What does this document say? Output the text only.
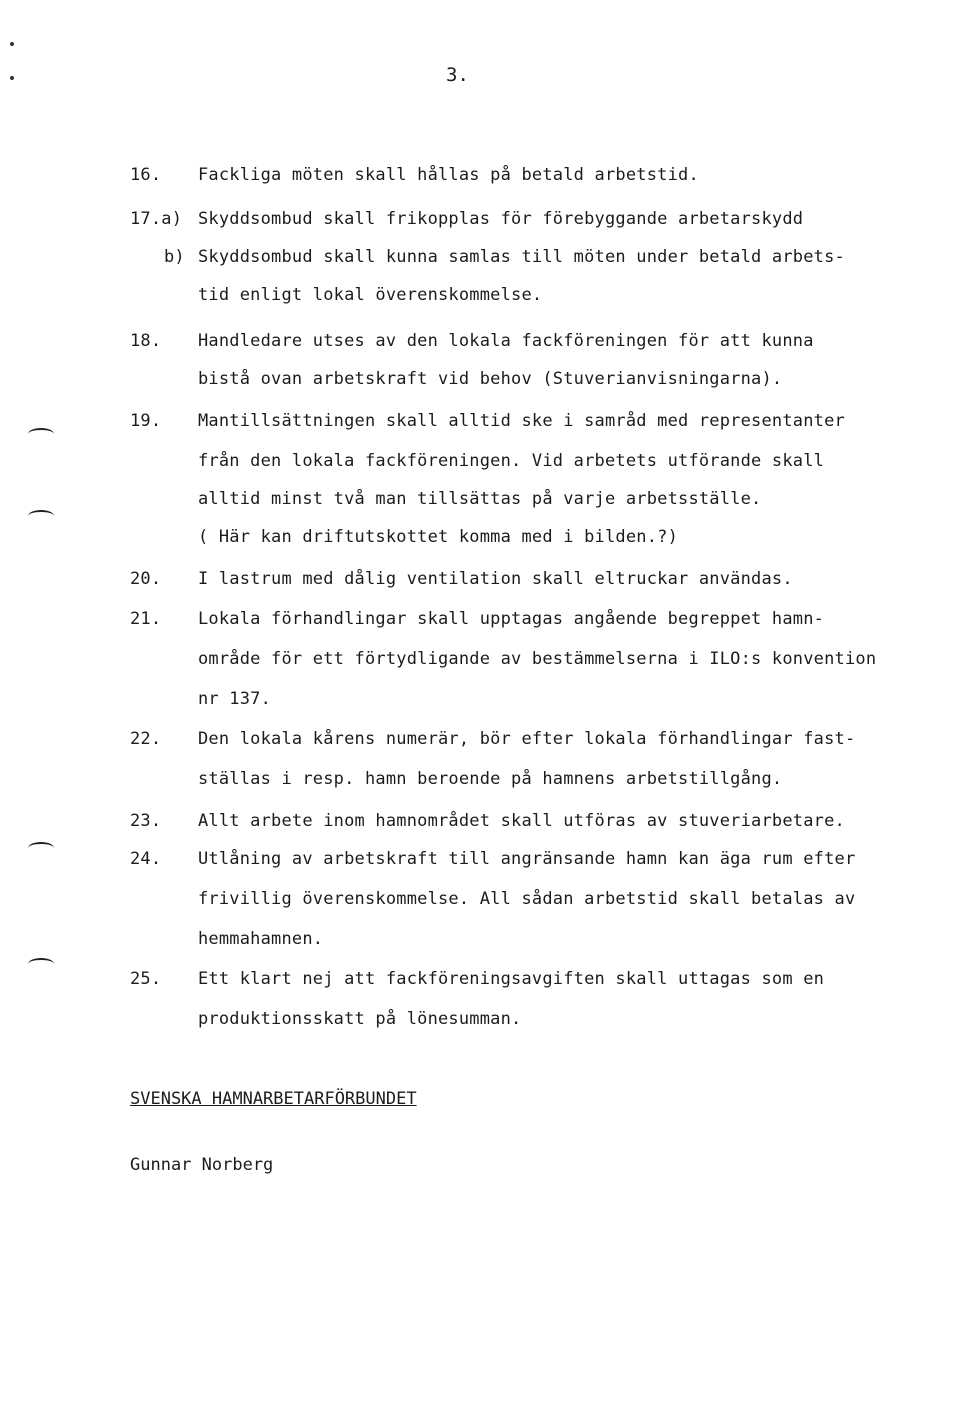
3.
16. Fackliga möten skall hållas på betald arbetstid.
17.a) Skyddsombud skall frikopplas för förebyggande arbetarskydd
b) Skyddsombud skall kunna samlas till möten under betald arbets-
tid enligt lokal överenskommelse.
18. Handledare utses av den lokala fackföreningen för att kunna
bistå ovan arbetskraft vid behov (Stuverianvisningarna).
19. Mantillsättningen skall alltid ske i samråd med representanter
från den lokala fackföreningen. Vid arbetets utförande skall
alltid minst två man tillsättas på varje arbetsställe.
( Här kan driftutskottet komma med i bilden.?)
20. I lastrum med dålig ventilation skall eltruckar användas.
21. Lokala förhandlingar skall upptagas angående begreppet hamn-
område för ett förtydligande av bestämmelserna i ILO:s konvention
nr 137.
22. Den lokala kårens numerär, bör efter lokala förhandlingar fast-
ställas i resp. hamn beroende på hamnens arbetstillgång.
23. Allt arbete inom hamnområdet skall utföras av stuveriarbetare.
24. Utlåning av arbetskraft till angränsande hamn kan äga rum efter
frivillig överenskommelse. All sådan arbetstid skall betalas av
hemmahamnen.
25. Ett klart nej att fackföreningsavgiften skall uttagas som en
produktionsskatt på lönesumman.
SVENSKA HAMNARBETARFÖRBUNDET
Gunnar Norberg
